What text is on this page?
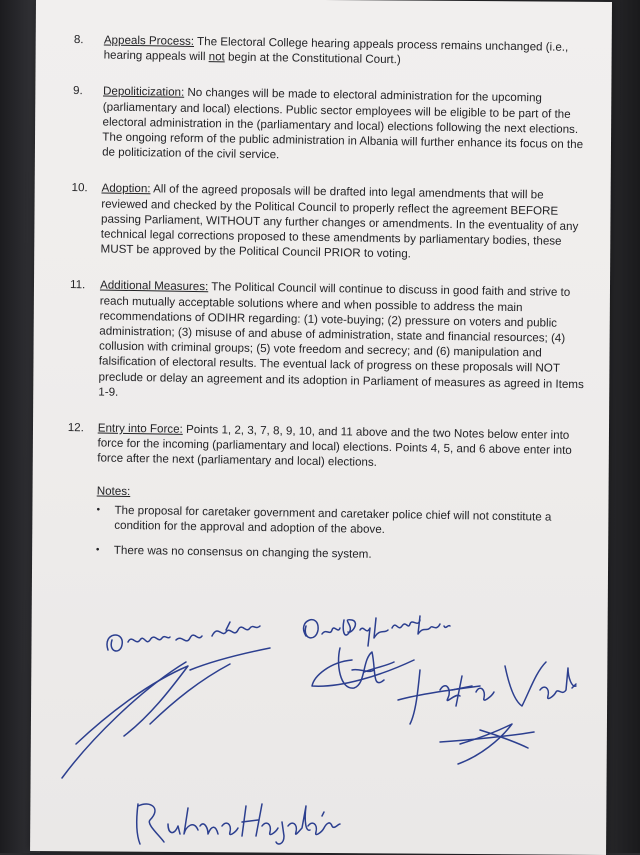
8. Appeals Process: The Electoral College hearing appeals process remains unchanged (i.e., hearing appeals will not begin at the Constitutional Court.)
9. Depoliticization: No changes will be made to electoral administration for the upcoming (parliamentary and local) elections. Public sector employees will be eligible to be part of the electoral administration in the (parliamentary and local) elections following the next elections. The ongoing reform of the public administration in Albania will further enhance its focus on the de politicization of the civil service.
10. Adoption: All of the agreed proposals will be drafted into legal amendments that will be reviewed and checked by the Political Council to properly reflect the agreement BEFORE passing Parliament, WITHOUT any further changes or amendments. In the eventuality of any technical legal corrections proposed to these amendments by parliamentary bodies, these MUST be approved by the Political Council PRIOR to voting.
11. Additional Measures: The Political Council will continue to discuss in good faith and strive to reach mutually acceptable solutions where and when possible to address the main recommendations of ODIHR regarding: (1) vote-buying; (2) pressure on voters and public administration; (3) misuse of and abuse of administration, state and financial resources; (4) collusion with criminal groups; (5) vote freedom and secrecy; and (6) manipulation and falsification of electoral results. The eventual lack of progress on these proposals will NOT preclude or delay an agreement and its adoption in Parliament of measures as agreed in Items 1-9.
12. Entry into Force: Points 1, 2, 3, 7, 8, 9, 10, and 11 above and the two Notes below enter into force for the incoming (parliamentary and local) elections. Points 4, 5, and 6 above enter into force after the next (parliamentary and local) elections.
Notes:
• The proposal for caretaker government and caretaker police chief will not constitute a condition for the approval and adoption of the above.
• There was no consensus on changing the system.
